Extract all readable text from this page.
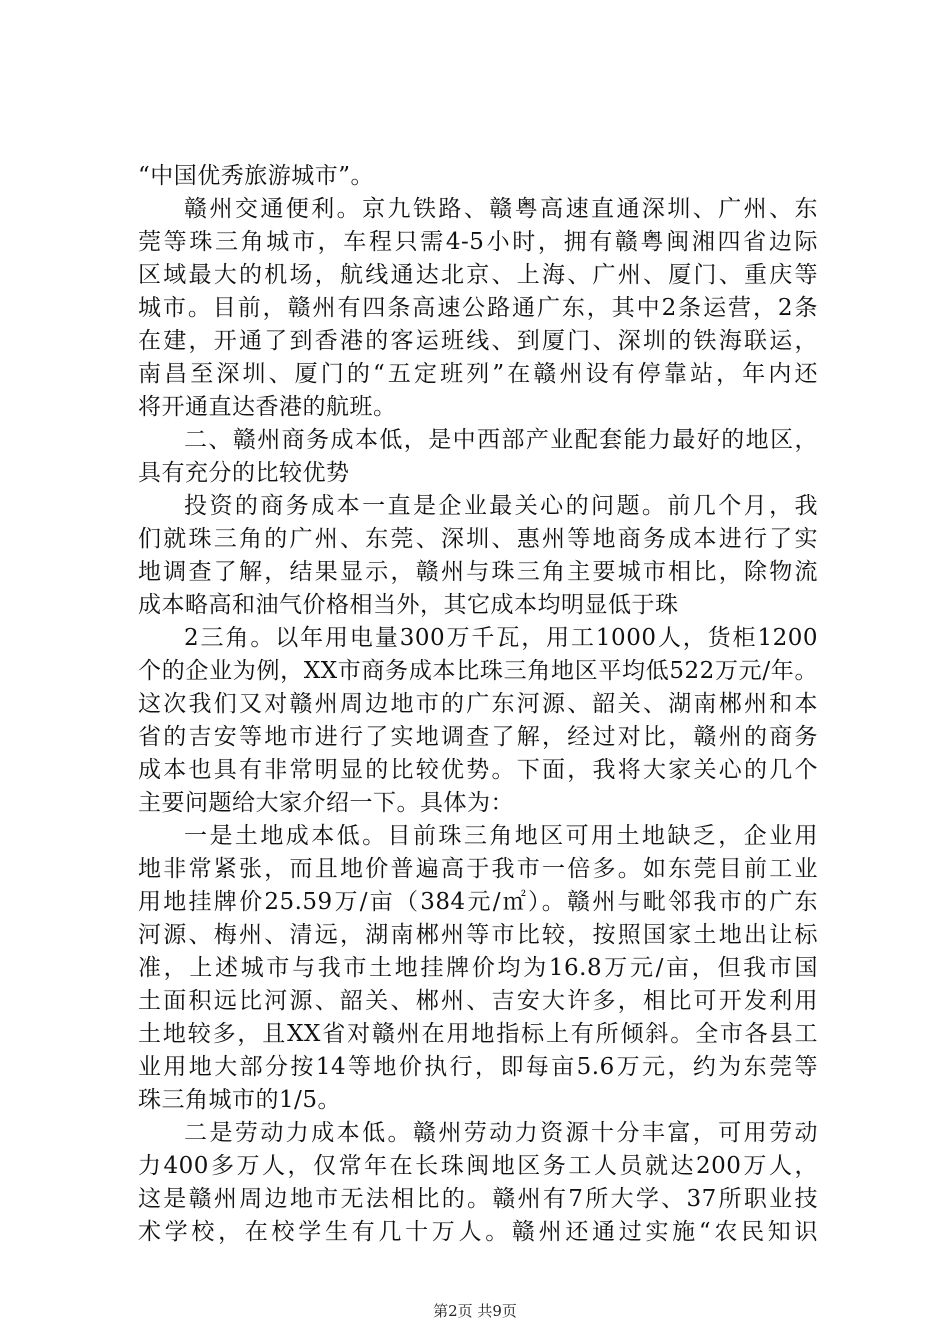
“中国优秀旅游城市”。
赣州交通便利。京九铁路、赣粤高速直通深圳、广州、东
莞等珠三角城市，车程只需4-5小时，拥有赣粤闽湘四省边际
区域最大的机场，航线通达北京、上海、广州、厦门、重庆等
城市。目前，赣州有四条高速公路通广东，其中2条运营，2条
在建，开通了到香港的客运班线、到厦门、深圳的铁海联运，
南昌至深圳、厦门的“五定班列”在赣州设有停靠站，年内还
将开通直达香港的航班。
二、赣州商务成本低，是中西部产业配套能力最好的地区，
具有充分的比较优势
投资的商务成本一直是企业最关心的问题。前几个月，我
们就珠三角的广州、东莞、深圳、惠州等地商务成本进行了实
地调查了解，结果显示，赣州与珠三角主要城市相比，除物流
成本略高和油气价格相当外，其它成本均明显低于珠
2三角。以年用电量300万千瓦，用工1000人，货柜1200
个的企业为例，XX市商务成本比珠三角地区平均低522万元/年。
这次我们又对赣州周边地市的广东河源、韶关、湖南郴州和本
省的吉安等地市进行了实地调查了解，经过对比，赣州的商务
成本也具有非常明显的比较优势。下面，我将大家关心的几个
主要问题给大家介绍一下。具体为：
一是土地成本低。目前珠三角地区可用土地缺乏，企业用
地非常紧张，而且地价普遍高于我市一倍多。如东莞目前工业
用地挂牌价25.59万/亩（384元/㎡）。赣州与毗邻我市的广东
河源、梅州、清远，湖南郴州等市比较，按照国家土地出让标
准，上述城市与我市土地挂牌价均为16.8万元/亩，但我市国
土面积远比河源、韶关、郴州、吉安大许多，相比可开发利用
土地较多，且XX省对赣州在用地指标上有所倾斜。全市各县工
业用地大部分按14等地价执行，即每亩5.6万元，约为东莞等
珠三角城市的1/5。
二是劳动力成本低。赣州劳动力资源十分丰富，可用劳动
力400多万人，仅常年在长珠闽地区务工人员就达200万人，
这是赣州周边地市无法相比的。赣州有7所大学、37所职业技
术学校，在校学生有几十万人。赣州还通过实施“农民知识
第2页 共9页
